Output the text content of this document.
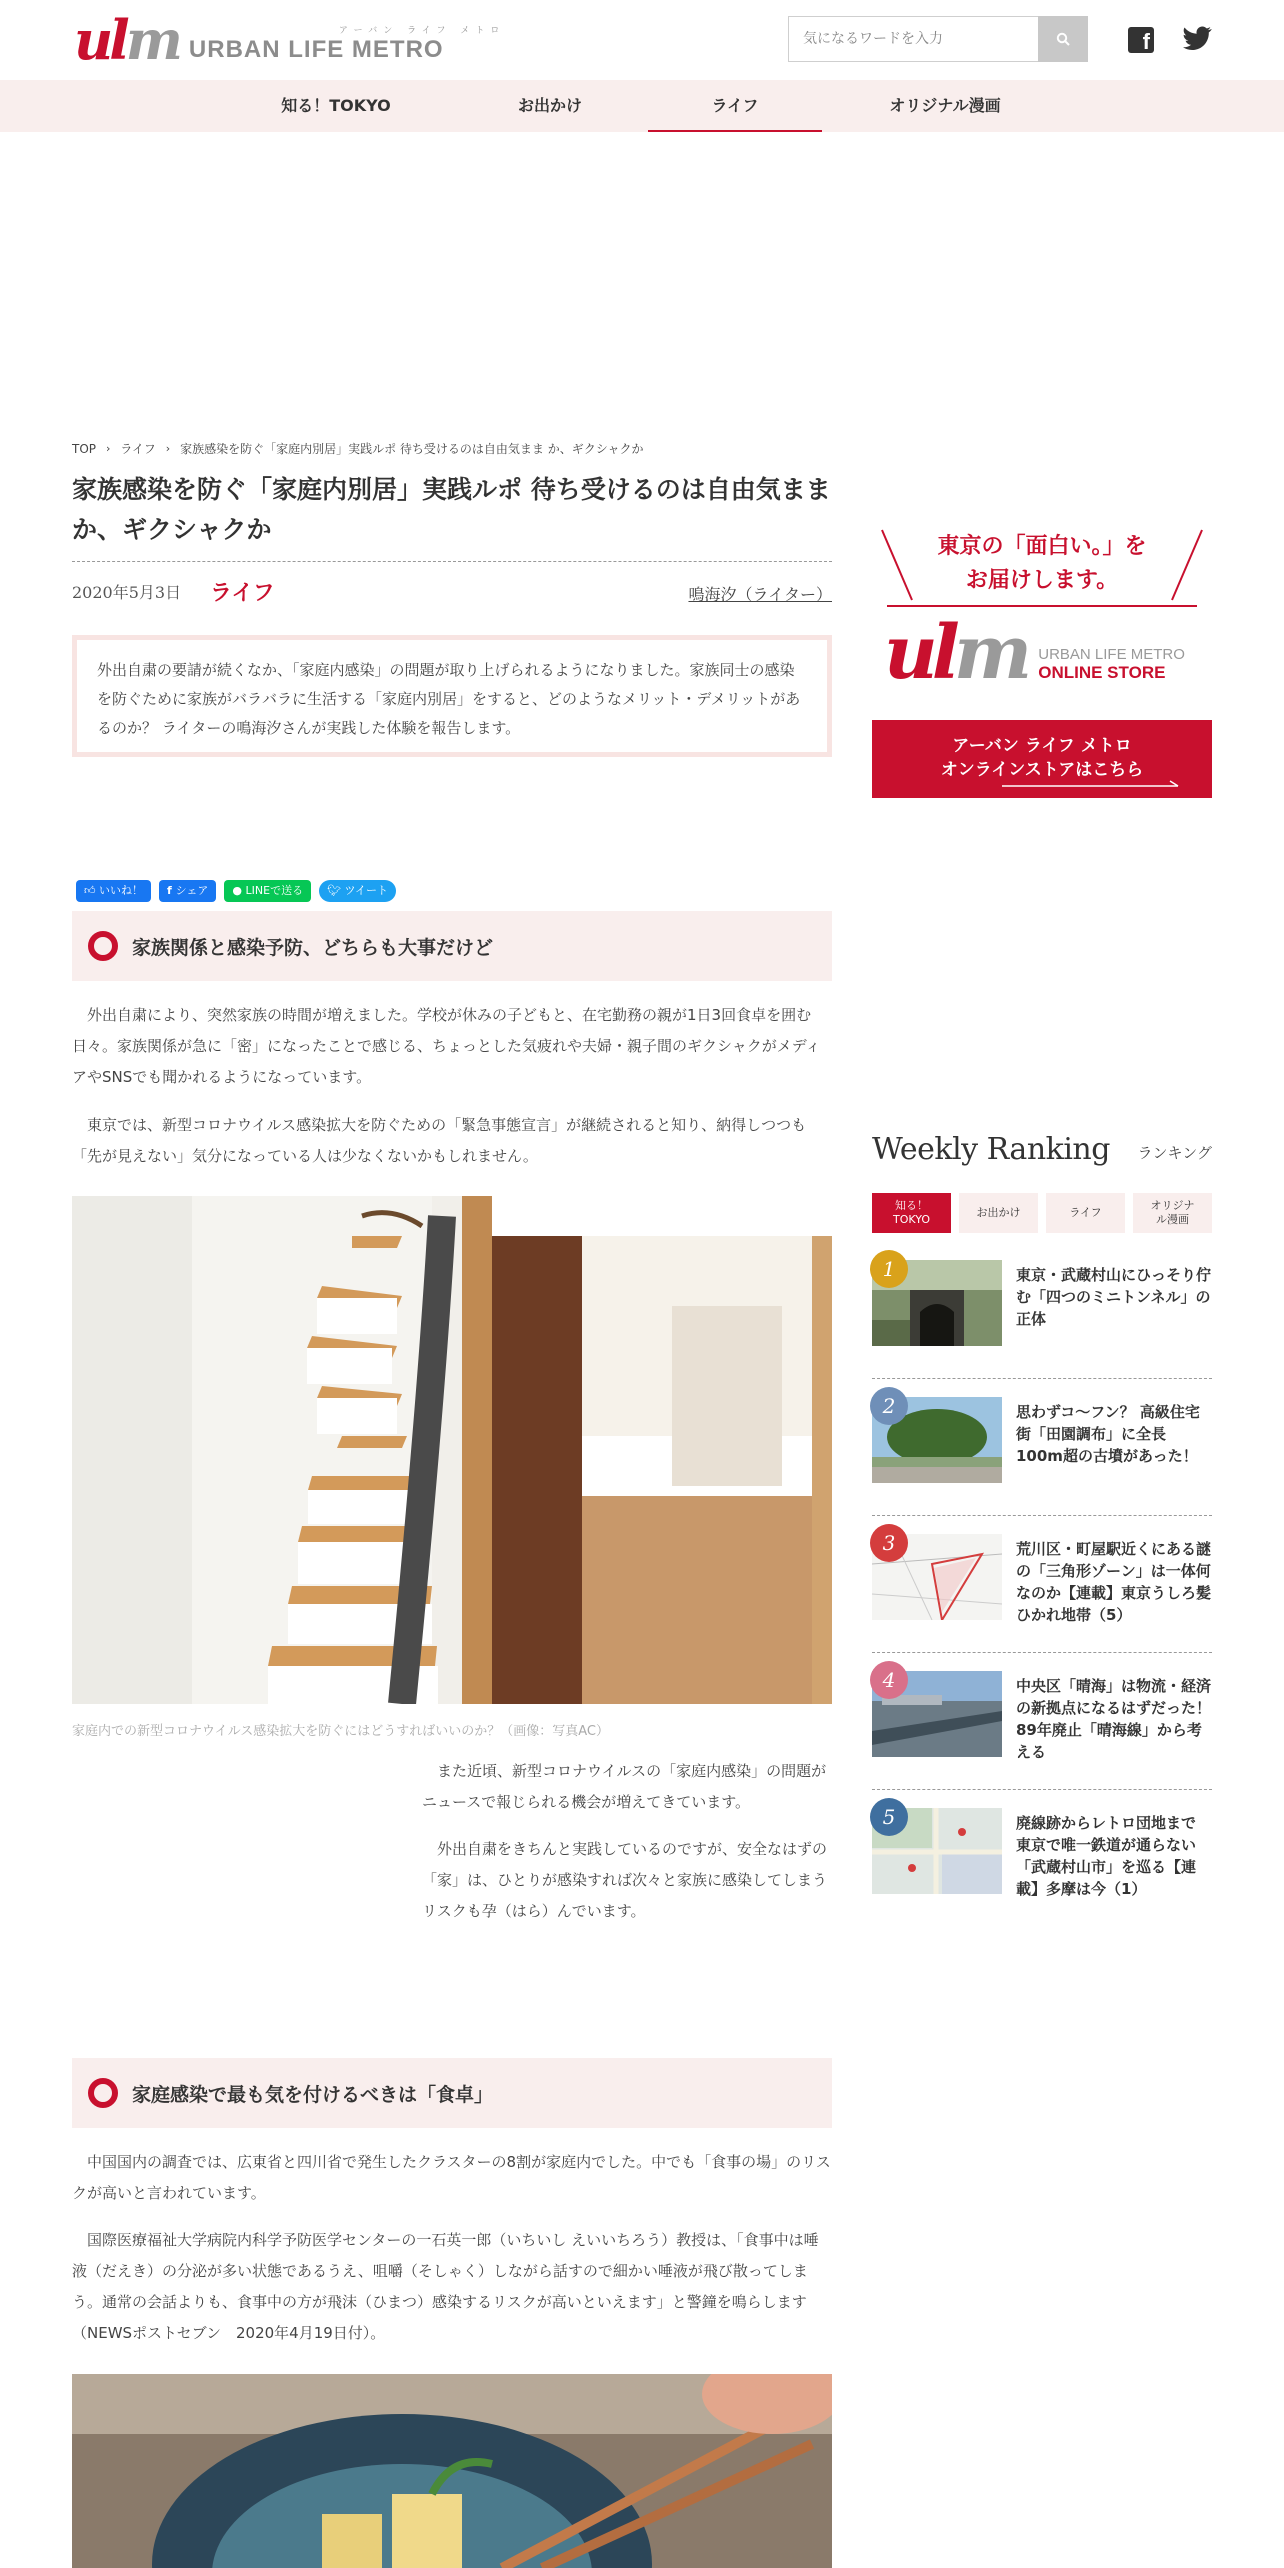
ulm	アーバン ライフ メトロ
URBAN LIFE METRO
気になるワードを入力	f
知る！TOKYO	お出かけ	ライフ	オリジナル漫画
TOP › ライフ › 家族感染を防ぐ「家庭内別居」実践ルポ 待ち受けるのは自由気まま か、ギクシャクか
家族感染を防ぐ「家庭内別居」実践ルポ 待ち受けるのは自由気ままか、ギクシャクか
2020年5月3日 ライフ	鳴海汐（ライター）
外出自粛の要請が続くなか、「家庭内感染」の問題が取り上げられるようになりました。家族同士の感染を防ぐために家族がバラバラに生活する「家庭内別居」をすると、どのようなメリット・デメリットがあるのか？ ライターの鳴海汐さんが実践した体験を報告します。
👍︎ いいね！	f シェア	● LINEで送る	🐦︎ ツイート
家族関係と感染予防、どちらも大事だけど

外出自粛により、突然家族の時間が増えました。学校が休みの子どもと、在宅勤務の親が1日3回食卓を囲む日々。家族関係が急に「密」になったことで感じる、ちょっとした気疲れや夫婦・親子間のギクシャクがメディアやSNSでも聞かれるようになっています。

東京では、新型コロナウイルス感染拡大を防ぐための「緊急事態宣言」が継続されると知り、納得しつつも「先が見えない」気分になっている人は少なくないかもしれません。

家庭内での新型コロナウイルス感染拡大を防ぐにはどうすればいいのか？（画像：写真AC）

また近頃、新型コロナウイルスの「家庭内感染」の問題がニュースで報じられる機会が増えてきています。

外出自粛をきちんと実践しているのですが、安全なはずの「家」は、ひとりが感染すれば次々と家族に感染してしまうリスクも孕（はら）んでいます。

家庭感染で最も気を付けるべきは「食卓」

中国国内の調査では、広東省と四川省で発生したクラスターの8割が家庭内でした。中でも「食事の場」のリスクが高いと言われています。

国際医療福祉大学病院内科学予防医学センターの一石英一郎（いちいし えいいちろう）教授は、「食事中は唾液（だえき）の分泌が多い状態であるうえ、咀嚼（そしゃく）しながら話すので細かい唾液が飛び散ってしまう。通常の会話よりも、食事中の方が飛沫（ひまつ）感染するリスクが高いといえます」と警鐘を鳴らします（NEWSポストセブン　2020年4月19日付）。

東京の「面白い。」を
お届けします。
ulm URBAN LIFE METRO
ONLINE STORE
アーバン ライフ メトロ
オンラインストアはこちら
Weekly Ranking ランキング
知る！TOKYO
お出かけ	ライフ
オリジナル漫画
1	東京・武蔵村山にひっそり佇む「四つのミニトンネル」の正体
2	思わずコ～フン？ 高級住宅街「田園調布」に全長100m超の古墳があった！
3	荒川区・町屋駅近くにある謎の「三角形ゾーン」は一体何なのか【連載】東京うしろ髪ひかれ地帯（5）
4	中央区「晴海」は物流・経済の新拠点になるはずだった！ 89年廃止「晴海線」から考える
5	廃線跡からレトロ団地まで 東京で唯一鉄道が通らない「武蔵村山市」を巡る【連載】多摩は今（1）
